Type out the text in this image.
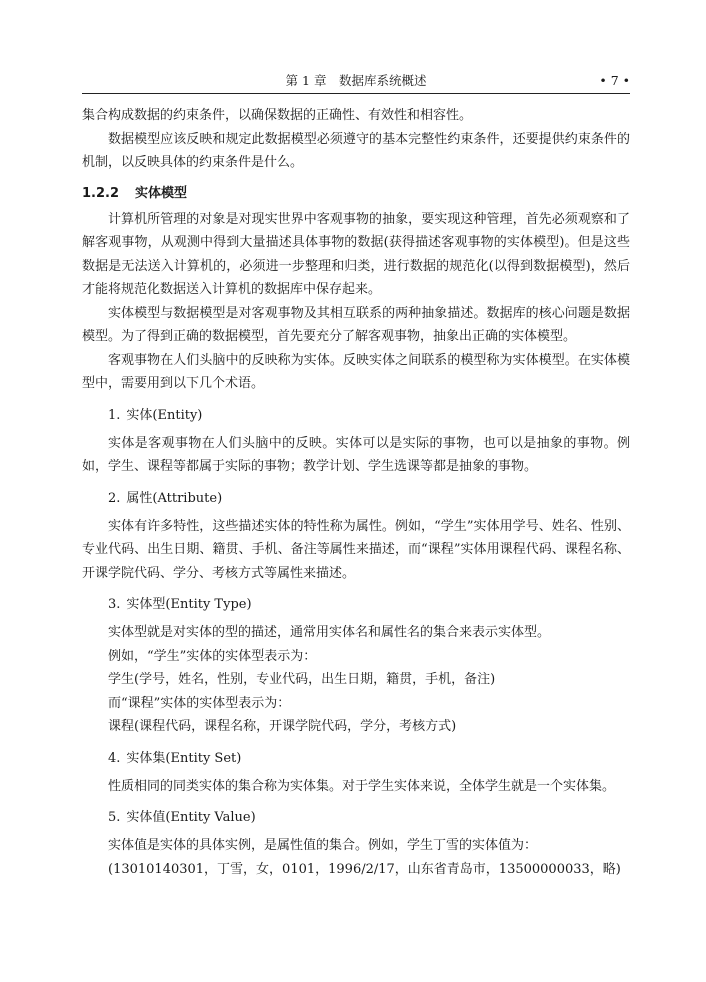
第 1 章　数据库系统概述	• 7 •

集合构成数据的约束条件，以确保数据的正确性、有效性和相容性。

数据模型应该反映和规定此数据模型必须遵守的基本完整性约束条件，还要提供约束条件的机制，以反映具体的约束条件是什么。

1.2.2 实体模型

计算机所管理的对象是对现实世界中客观事物的抽象，要实现这种管理，首先必须观察和了解客观事物，从观测中得到大量描述具体事物的数据(获得描述客观事物的实体模型)。但是这些数据是无法送入计算机的，必须进一步整理和归类，进行数据的规范化(以得到数据模型)，然后才能将规范化数据送入计算机的数据库中保存起来。

实体模型与数据模型是对客观事物及其相互联系的两种抽象描述。数据库的核心问题是数据模型。为了得到正确的数据模型，首先要充分了解客观事物，抽象出正确的实体模型。

客观事物在人们头脑中的反映称为实体。反映实体之间联系的模型称为实体模型。在实体模型中，需要用到以下几个术语。

1. 实体(Entity)

实体是客观事物在人们头脑中的反映。实体可以是实际的事物，也可以是抽象的事物。例如，学生、课程等都属于实际的事物；教学计划、学生选课等都是抽象的事物。

2. 属性(Attribute)

实体有许多特性，这些描述实体的特性称为属性。例如，“学生”实体用学号、姓名、性别、专业代码、出生日期、籍贯、手机、备注等属性来描述，而“课程”实体用课程代码、课程名称、开课学院代码、学分、考核方式等属性来描述。

3. 实体型(Entity Type)

实体型就是对实体的型的描述，通常用实体名和属性名的集合来表示实体型。

例如，“学生”实体的实体型表示为：

学生(学号，姓名，性别，专业代码，出生日期，籍贯，手机，备注)

而“课程”实体的实体型表示为：

课程(课程代码，课程名称，开课学院代码，学分，考核方式)

4. 实体集(Entity Set)

性质相同的同类实体的集合称为实体集。对于学生实体来说，全体学生就是一个实体集。

5. 实体值(Entity Value)

实体值是实体的具体实例，是属性值的集合。例如，学生丁雪的实体值为：

(13010140301，丁雪，女，0101，1996/2/17，山东省青岛市，13500000033，略)
